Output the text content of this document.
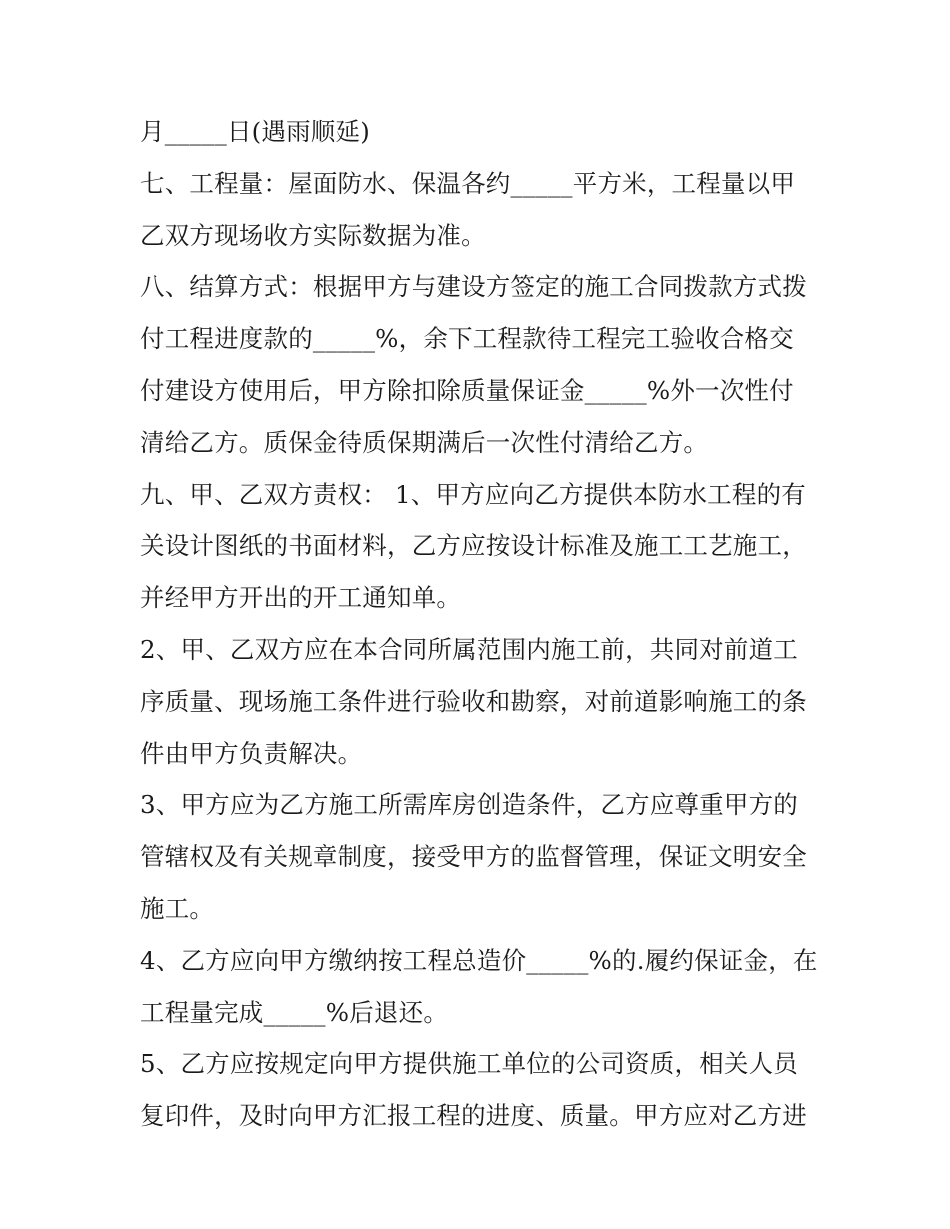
月_____日(遇雨顺延)
七、工程量：屋面防水、保温各约_____平方米，工程量以甲
乙双方现场收方实际数据为准。
八、结算方式：根据甲方与建设方签定的施工合同拨款方式拨
付工程进度款的_____%，余下工程款待工程完工验收合格交
付建设方使用后，甲方除扣除质量保证金_____%外一次性付
清给乙方。质保金待质保期满后一次性付清给乙方。
九、甲、乙双方责权： 1、甲方应向乙方提供本防水工程的有
关设计图纸的书面材料，乙方应按设计标准及施工工艺施工，
并经甲方开出的开工通知单。
2、甲、乙双方应在本合同所属范围内施工前，共同对前道工
序质量、现场施工条件进行验收和勘察，对前道影响施工的条
件由甲方负责解决。
3、甲方应为乙方施工所需库房创造条件，乙方应尊重甲方的
管辖权及有关规章制度，接受甲方的监督管理，保证文明安全
施工。
4、乙方应向甲方缴纳按工程总造价_____%的.履约保证金，在
工程量完成_____%后退还。
5、乙方应按规定向甲方提供施工单位的公司资质，相关人员
复印件，及时向甲方汇报工程的进度、质量。甲方应对乙方进
